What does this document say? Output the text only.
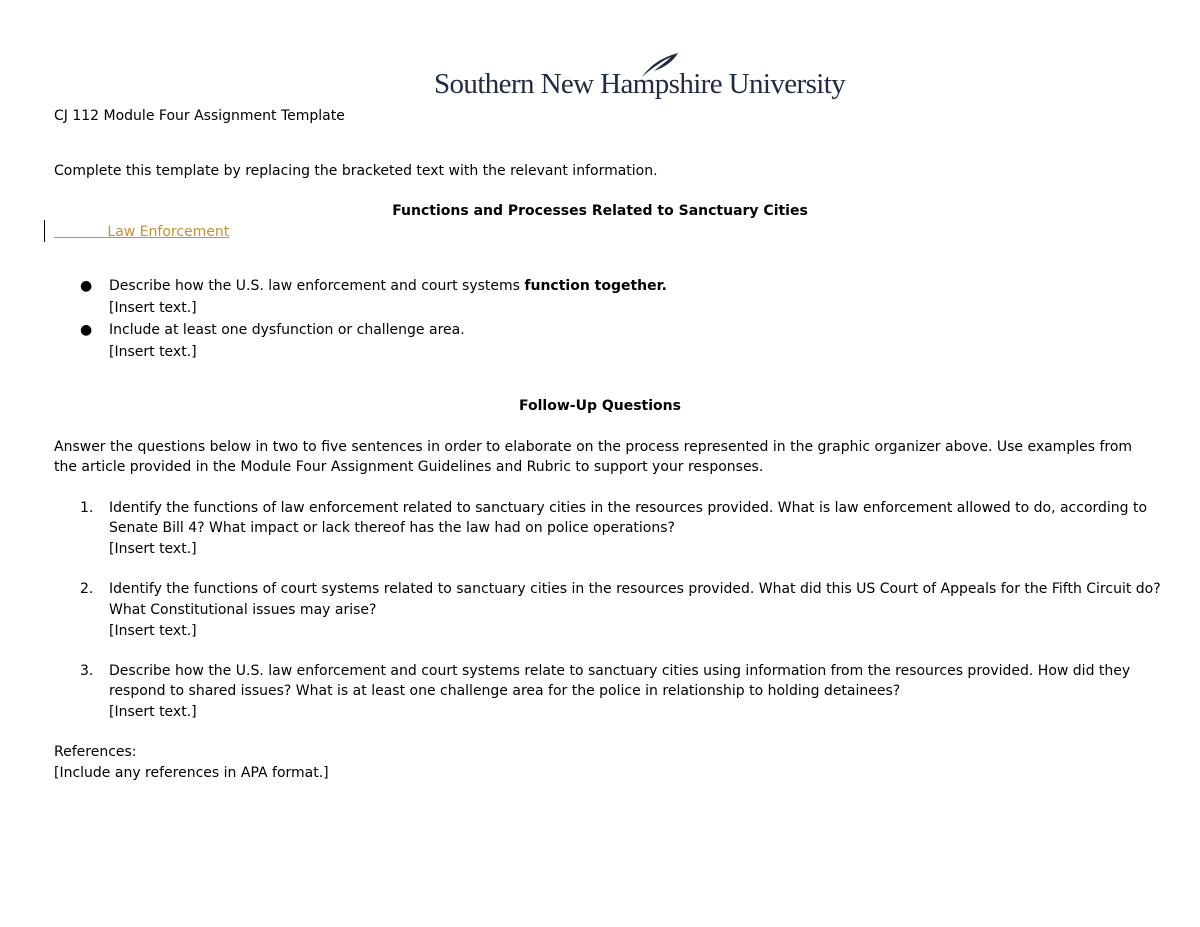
Southern New Hampshire University
CJ 112 Module Four Assignment Template
Complete this template by replacing the bracketed text with the relevant information.
Functions and Processes Related to Sanctuary Cities
Law Enforcement
● Describe how the U.S. law enforcement and court systems function together.
[Insert text.]
● Include at least one dysfunction or challenge area.
[Insert text.]
Follow-Up Questions
Answer the questions below in two to five sentences in order to elaborate on the process represented in the graphic organizer above. Use examples from the article provided in the Module Four Assignment Guidelines and Rubric to support your responses.
1. Identify the functions of law enforcement related to sanctuary cities in the resources provided. What is law enforcement allowed to do, according to
Senate Bill 4? What impact or lack thereof has the law had on police operations?
[Insert text.]
2. Identify the functions of court systems related to sanctuary cities in the resources provided. What did this US Court of Appeals for the Fifth Circuit do?
What Constitutional issues may arise?
[Insert text.]
3. Describe how the U.S. law enforcement and court systems relate to sanctuary cities using information from the resources provided. How did they
respond to shared issues? What is at least one challenge area for the police in relationship to holding detainees?
[Insert text.]
References:
[Include any references in APA format.]
